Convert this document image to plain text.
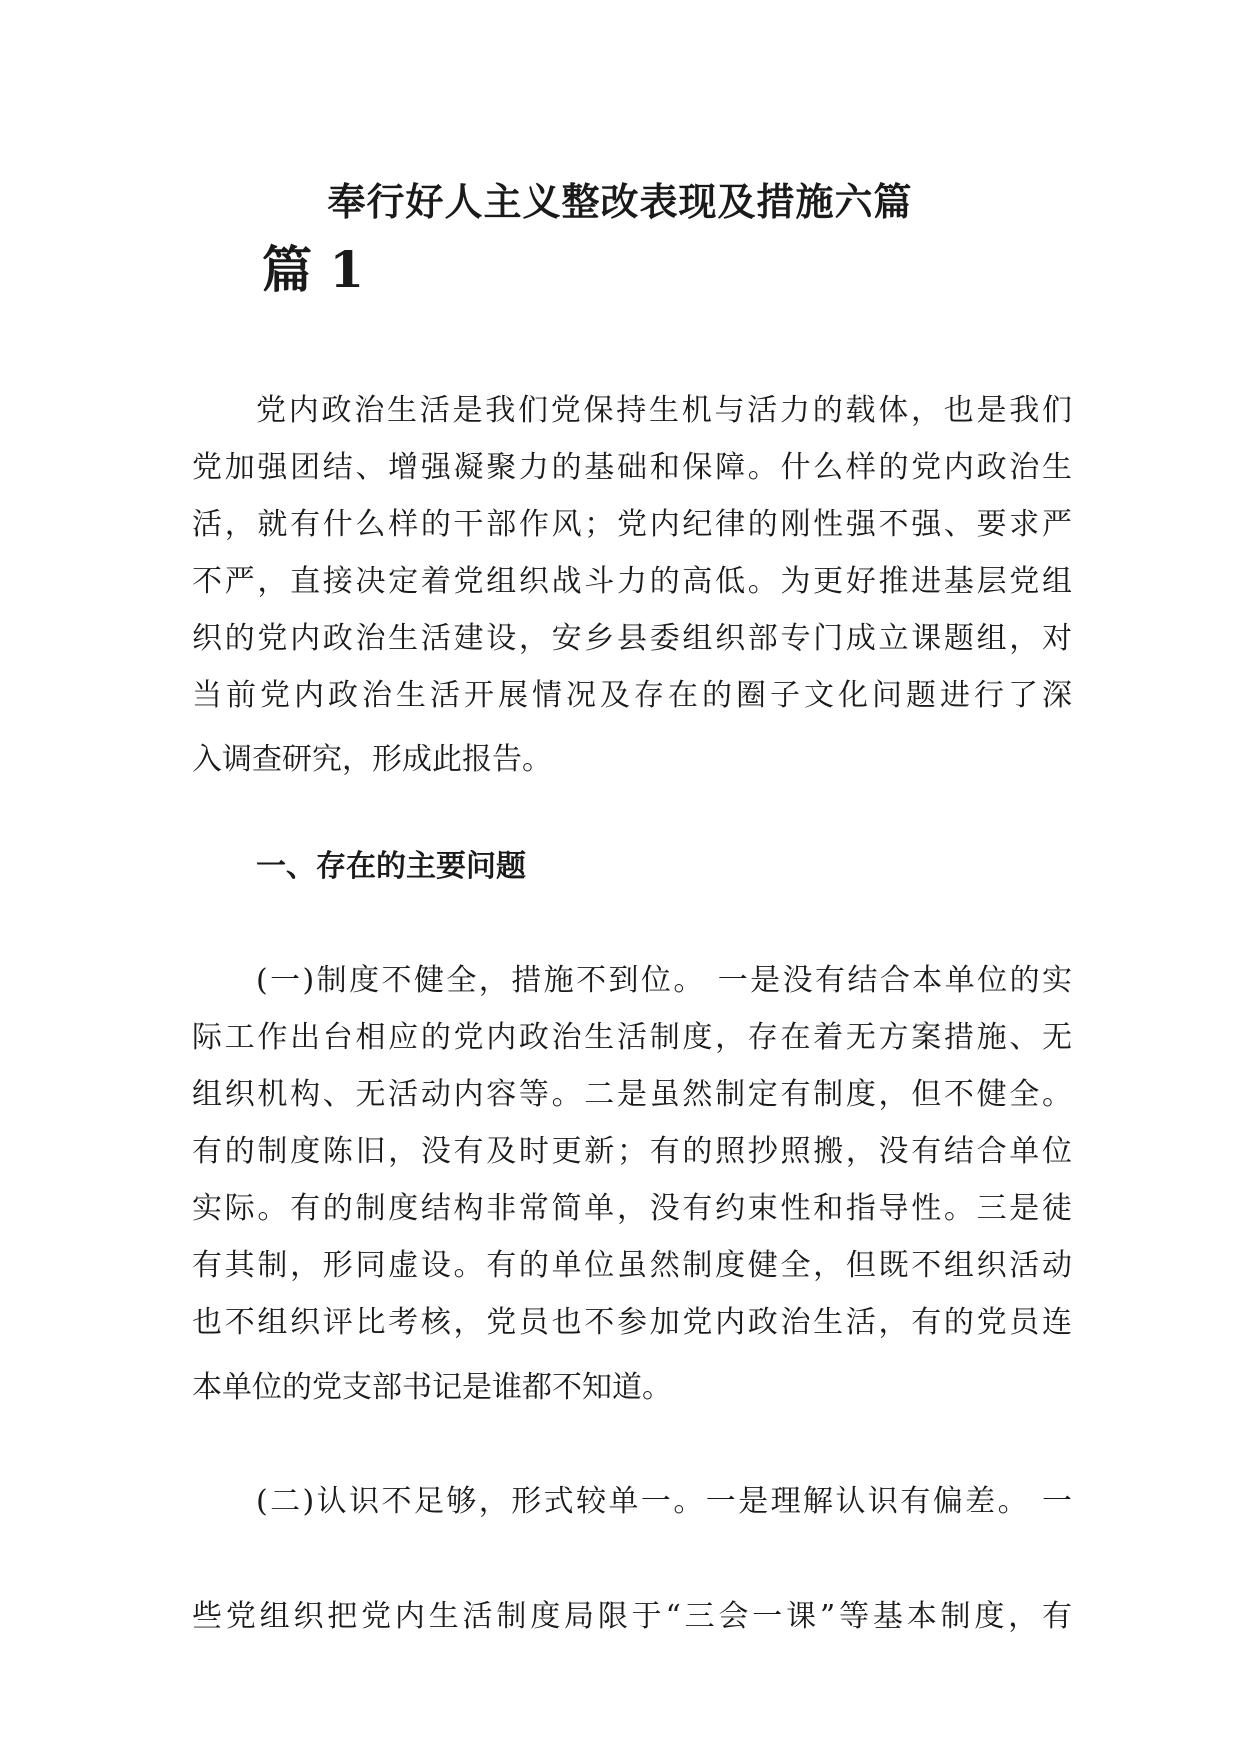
奉行好人主义整改表现及措施六篇
篇 1
党内政治生活是我们党保持生机与活力的载体，也是我们
党加强团结、增强凝聚力的基础和保障。什么样的党内政治生
活，就有什么样的干部作风；党内纪律的刚性强不强、要求严
不严，直接决定着党组织战斗力的高低。为更好推进基层党组
织的党内政治生活建设，安乡县委组织部专门成立课题组，对
当前党内政治生活开展情况及存在的圈子文化问题进行了深
入调查研究，形成此报告。
一、存在的主要问题
(一)制度不健全，措施不到位。 一是没有结合本单位的实
际工作出台相应的党内政治生活制度，存在着无方案措施、无
组织机构、无活动内容等。二是虽然制定有制度，但不健全。
有的制度陈旧，没有及时更新；有的照抄照搬，没有结合单位
实际。有的制度结构非常简单，没有约束性和指导性。三是徒
有其制，形同虚设。有的单位虽然制度健全，但既不组织活动
也不组织评比考核，党员也不参加党内政治生活，有的党员连
本单位的党支部书记是谁都不知道。
(二)认识不足够，形式较单一。一是理解认识有偏差。 一
些党组织把党内生活制度局限于“三会一课”等基本制度，有
